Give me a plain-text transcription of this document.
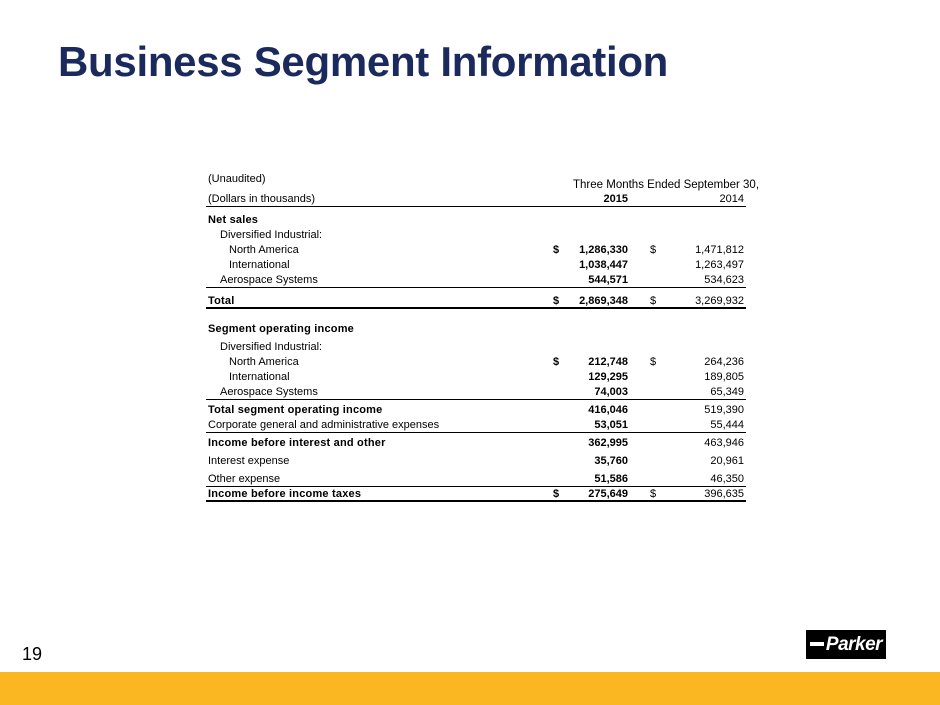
Business Segment Information
(Unaudited)	Three Months Ended September 30,
(Dollars in thousands)	2015	2014
Net sales
Diversified Industrial:
North America	$ 1,286,330 $	1,471,812
International	1,038,447	1,263,497
Aerospace Systems	544,571	534,623
Total	$ 2,869,348 $	3,269,932
Segment operating income
Diversified Industrial:
North America	$	212,748 $	264,236
International	129,295	189,805
Aerospace Systems	74,003	65,349
Total segment operating income	416,046	519,390
Corporate general and administrative expenses	53,051	55,444
Income before interest and other	362,995	463,946
Interest expense	35,760	20,961
Other expense	51,586	46,350
Income before income taxes	$	275,649 $	396,635
19	Parker
